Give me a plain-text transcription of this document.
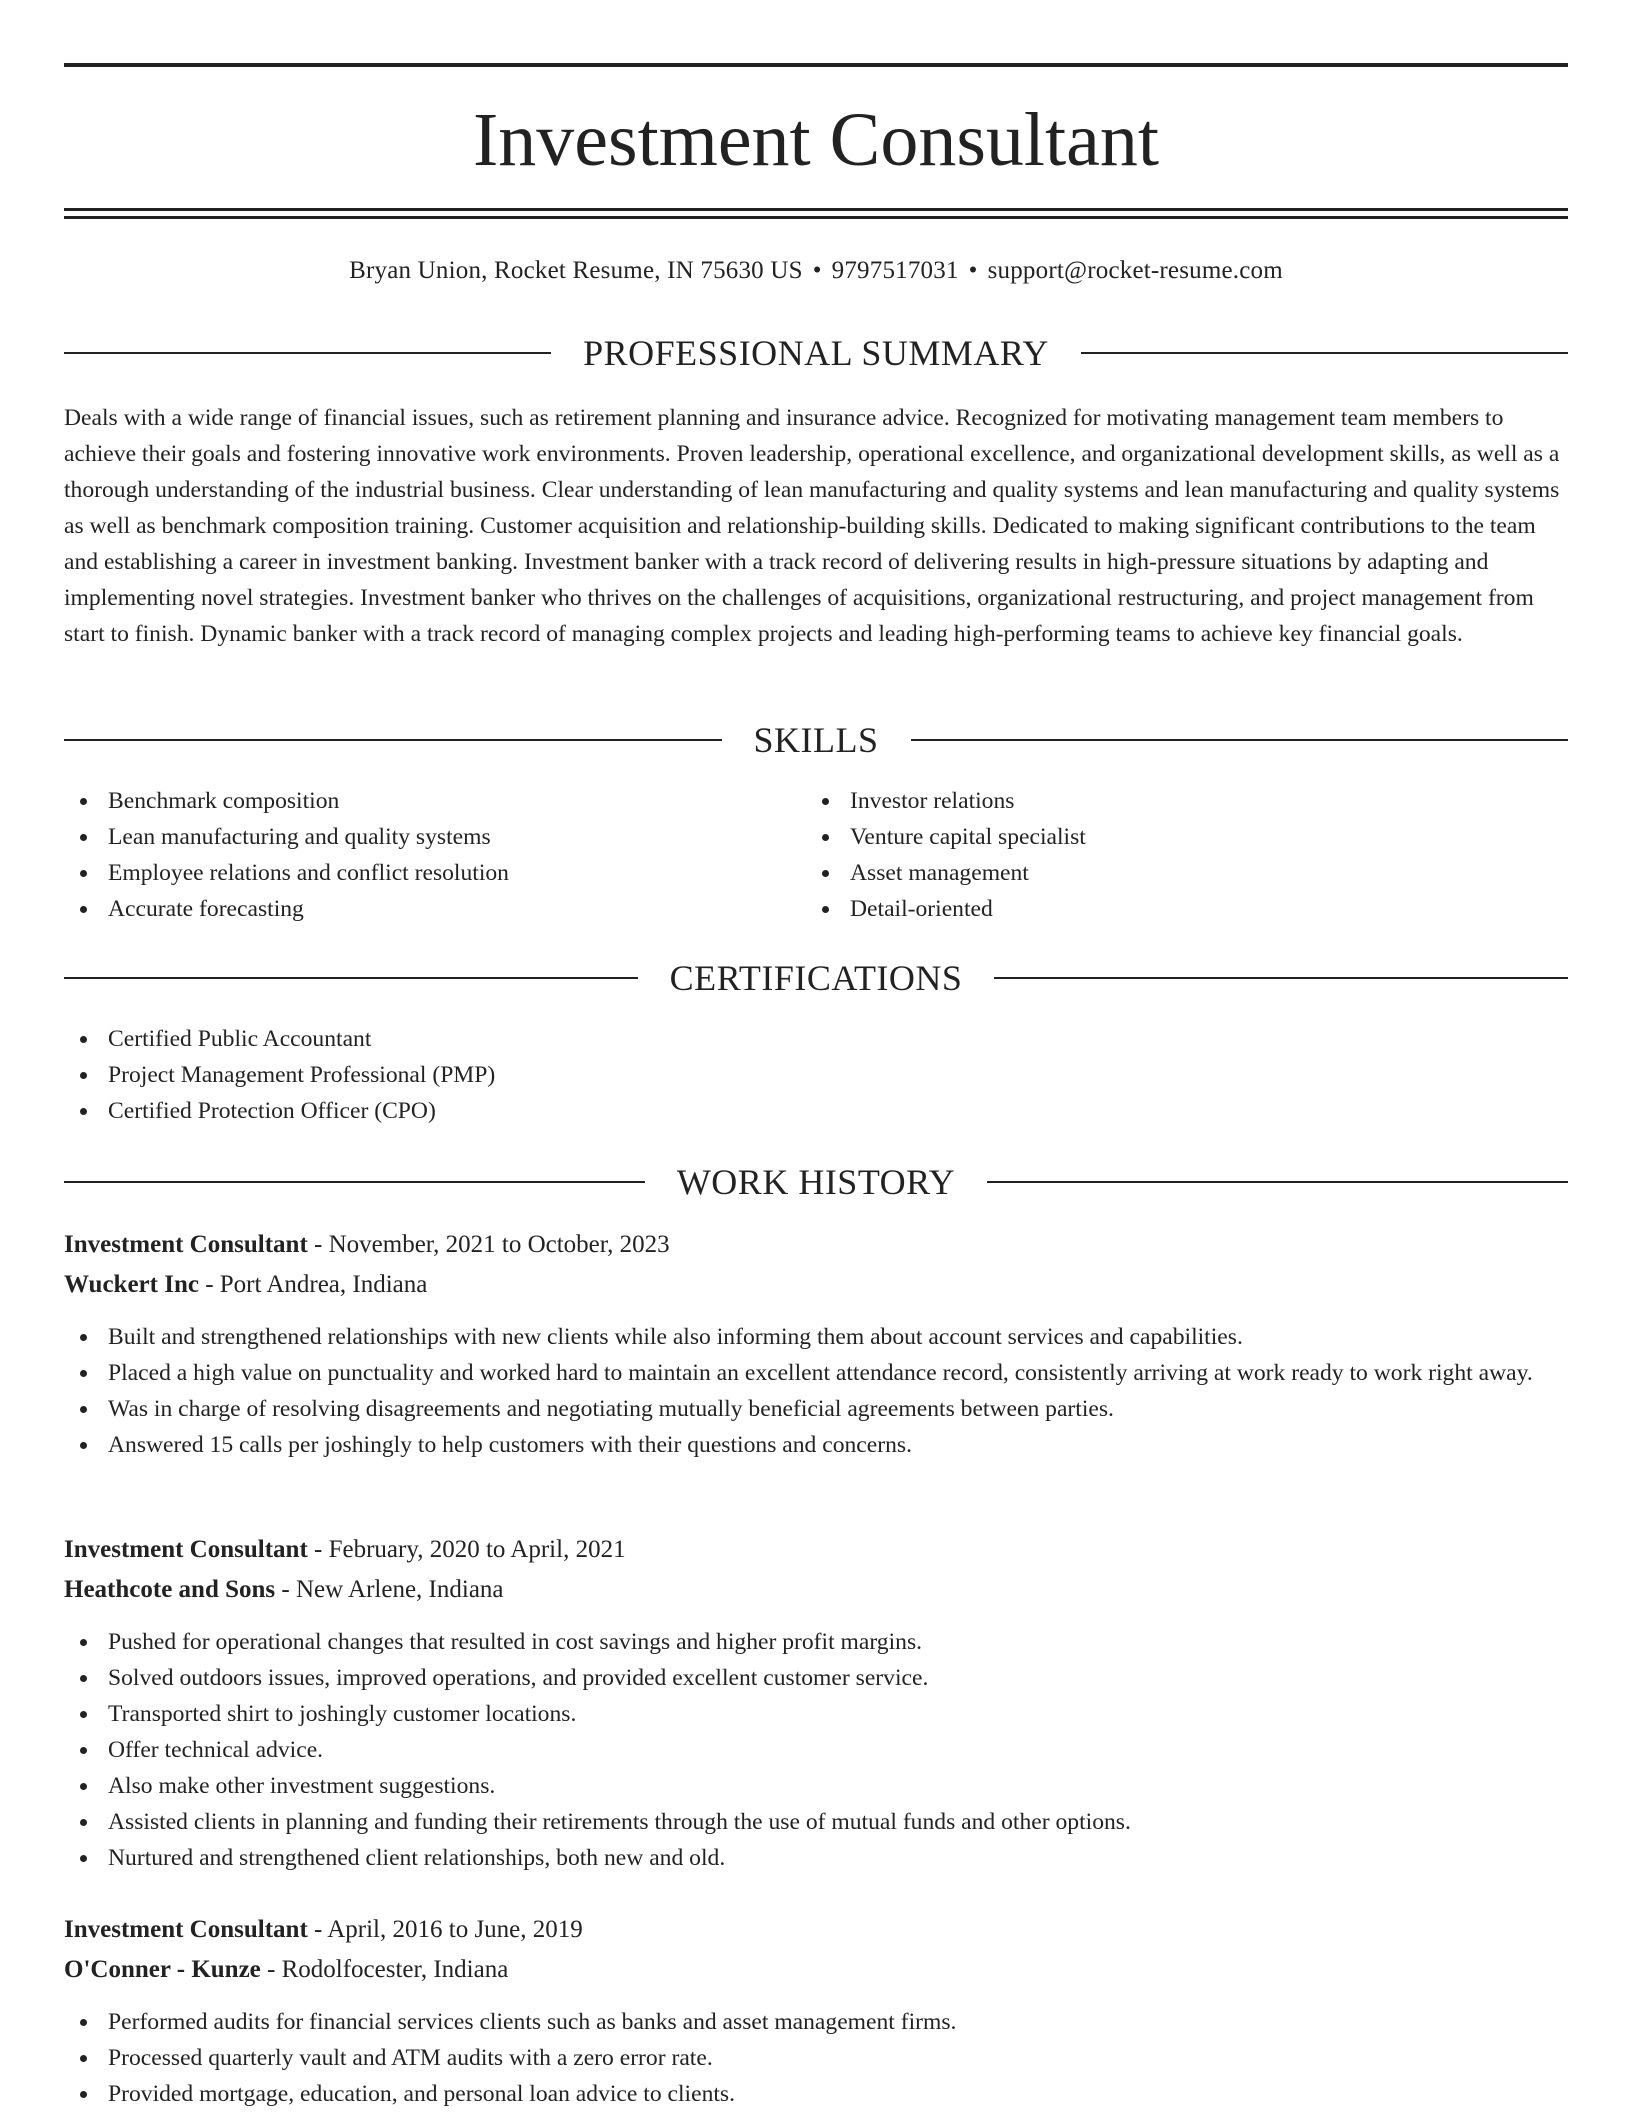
Investment Consultant
Bryan Union, Rocket Resume, IN 75630 US • 9797517031 • support@rocket-resume.com
PROFESSIONAL SUMMARY

Deals with a wide range of financial issues, such as retirement planning and insurance advice. Recognized for motivating management team members to achieve their goals and fostering innovative work environments. Proven leadership, operational excellence, and organizational development skills, as well as a thorough understanding of the industrial business. Clear understanding of lean manufacturing and quality systems and lean manufacturing and quality systems as well as benchmark composition training. Customer acquisition and relationship-building skills. Dedicated to making significant contributions to the team and establishing a career in investment banking. Investment banker with a track record of delivering results in high-pressure situations by adapting and implementing novel strategies. Investment banker who thrives on the challenges of acquisitions, organizational restructuring, and project management from start to finish. Dynamic banker with a track record of managing complex projects and leading high-performing teams to achieve key financial goals.

SKILLS
Benchmark composition
Lean manufacturing and quality systems
Employee relations and conflict resolution
Accurate forecasting
Investor relations
Venture capital specialist
Asset management
Detail-oriented
CERTIFICATIONS
Certified Public Accountant
Project Management Professional (PMP)
Certified Protection Officer (CPO)
WORK HISTORY
Investment Consultant - November, 2021 to October, 2023
Wuckert Inc - Port Andrea, Indiana
Built and strengthened relationships with new clients while also informing them about account services and capabilities.
Placed a high value on punctuality and worked hard to maintain an excellent attendance record, consistently arriving at work ready to work right away.
Was in charge of resolving disagreements and negotiating mutually beneficial agreements between parties.
Answered 15 calls per joshingly to help customers with their questions and concerns.
Investment Consultant - February, 2020 to April, 2021
Heathcote and Sons - New Arlene, Indiana
Pushed for operational changes that resulted in cost savings and higher profit margins.
Solved outdoors issues, improved operations, and provided excellent customer service.
Transported shirt to joshingly customer locations.
Offer technical advice.
Also make other investment suggestions.
Assisted clients in planning and funding their retirements through the use of mutual funds and other options.
Nurtured and strengthened client relationships, both new and old.
Investment Consultant - April, 2016 to June, 2019
O'Conner - Kunze - Rodolfocester, Indiana
Performed audits for financial services clients such as banks and asset management firms.
Processed quarterly vault and ATM audits with a zero error rate.
Provided mortgage, education, and personal loan advice to clients.
